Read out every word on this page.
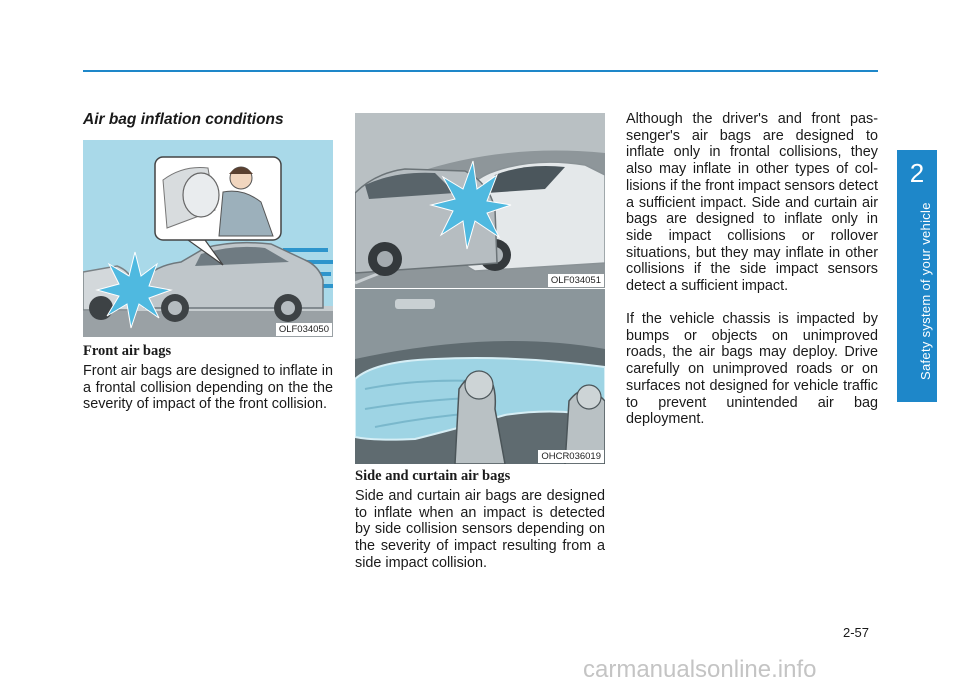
2
Safety system of your vehicle
Air bag inflation conditions
OLF034050
Front air bags

Front air bags are designed to inflate in a frontal collision depending on the the severity of impact of the front collision.

OLF034051
OHCR036019
Side and curtain air bags

Side and curtain air bags are designed to inflate when an impact is detected by side collision sensors depending on the severity of impact resulting from a side impact collision.

Although the driver's and front pas-senger's air bags are designed to inflate only in frontal collisions, they also may inflate in other types of col-lisions if the front impact sensors detect a sufficient impact. Side and curtain air bags are designed to inflate only in side impact collisions or rollover situations, but they may inflate in other collisions if the side impact sensors detect a sufficient impact.

If the vehicle chassis is impacted by bumps or objects on unimproved roads, the air bags may deploy. Drive carefully on unimproved roads or on surfaces not designed for vehicle traffic to prevent unintended air bag deployment.

2-57
carmanualsonline.info
